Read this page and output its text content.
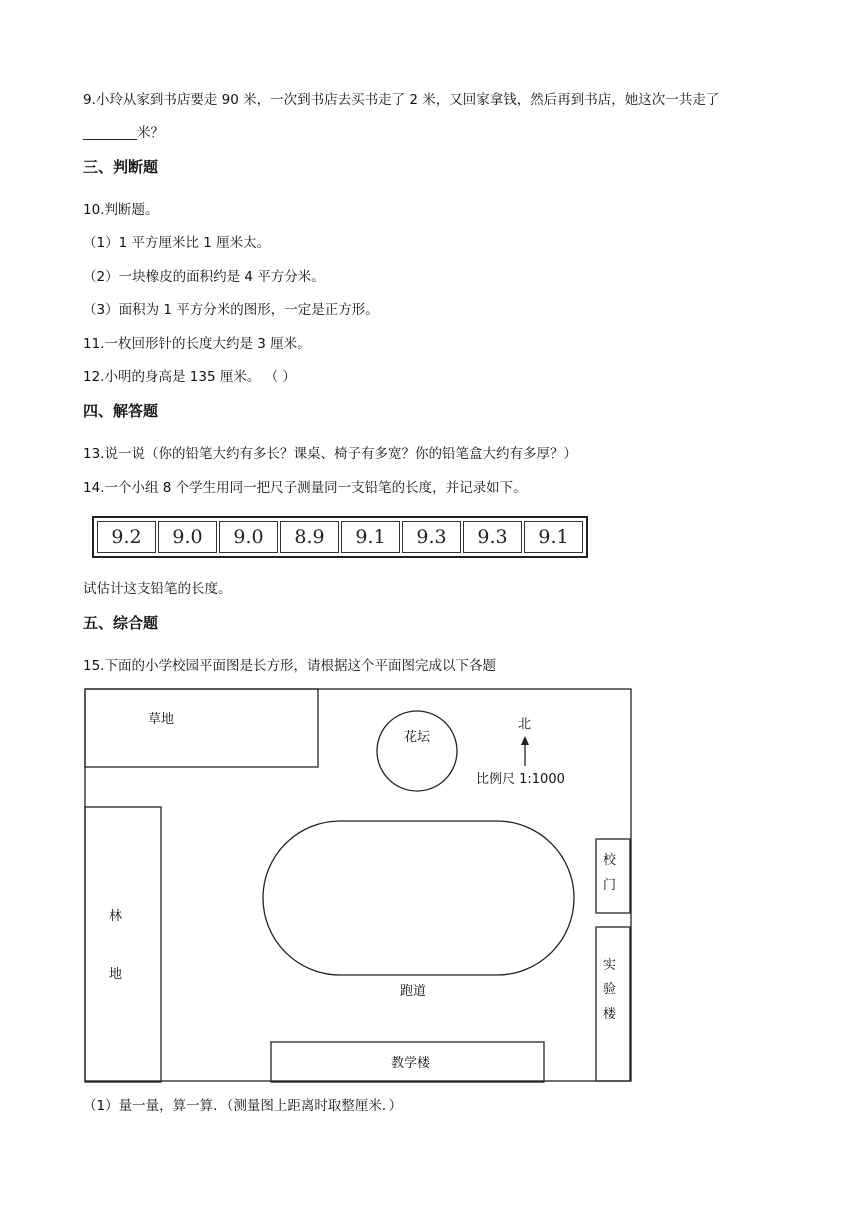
9.小玲从家到书店要走 90 米，一次到书店去买书走了 2 米，又回家拿钱，然后再到书店，她这次一共走了
________米？
三、判断题
10.判断题。
（1）1 平方厘米比 1 厘米太。
（2）一块橡皮的面积约是 4 平方分米。
（3）面积为 1 平方分米的图形，一定是正方形。
11.一枚回形针的长度大约是 3 厘米。
12.小明的身高是 135 厘米。 （ ）
四、解答题
13.说一说（你的铅笔大约有多长？课桌、椅子有多宽？你的铅笔盒大约有多厚？）
14.一个小组 8 个学生用同一把尺子测量同一支铅笔的长度，并记录如下。
9.2	9.0	9.0	8.9	9.1	9.3	9.3	9.1
试估计这支铅笔的长度。
五、综合题
15.下面的小学校园平面图是长方形，请根据这个平面图完成以下各题
草地
花坛
北
比例尺 1:1000
林
地
跑道
校
门
实
验
楼
教学楼
（1）量一量，算一算．（测量图上距离时取整厘米．）
